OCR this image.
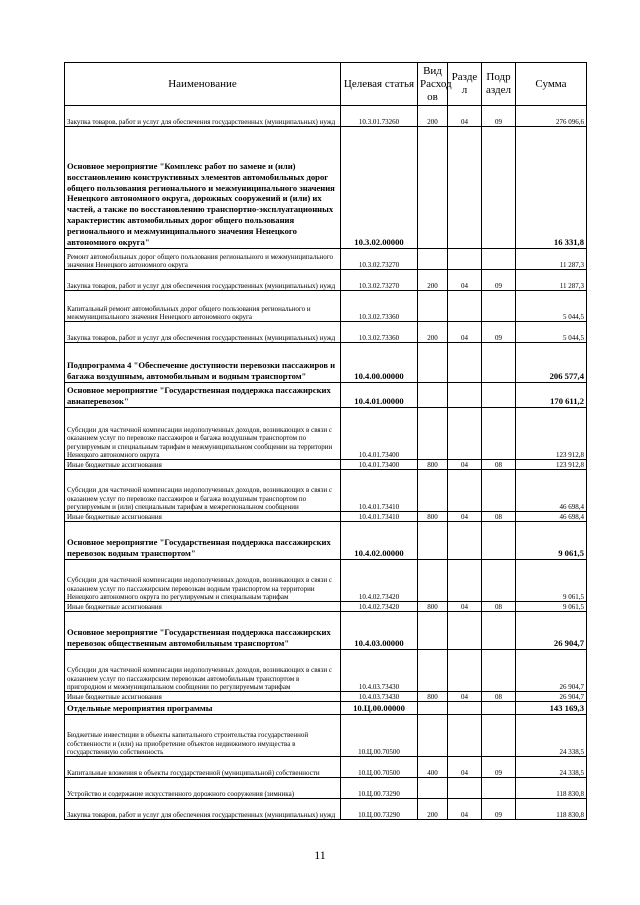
Наименование	Целевая статья	Вид Расход ов	Разде л	Подр аздел	Сумма
Закупка товаров, работ и услуг для обеспечения государственных (муниципальных) нужд	10.3.01.73260	200	04	09	276 096,6
Основное мероприятие "Комплекс работ по замене и (или) восстановлению конструктивных элементов автомобильных дорог общего пользования регионального и межмуниципального значения Ненецкого автономного округа, дорожных сооружений и (или) их частей, а также по восстановлению транспортно-эксплуатационных характеристик автомобильных дорог общего пользования регионального и межмуниципального значения Ненецкого автономного округа"	10.3.02.00000				16 331,8
Ремонт автомобильных дорог общего пользования регионального и межмуниципального значения Ненецкого автономного округа	10.3.02.73270				11 287,3
Закупка товаров, работ и услуг для обеспечения государственных (муниципальных) нужд	10.3.02.73270	200	04	09	11 287,3
Капитальный ремонт автомобильных дорог общего пользования регионального и межмуниципального значения Ненецкого автономного округа	10.3.02.73360				5 044,5
Закупка товаров, работ и услуг для обеспечения государственных (муниципальных) нужд	10.3.02.73360	200	04	09	5 044,5
Подпрограмма 4 "Обеспечение доступности перевозки пассажиров и багажа воздушным, автомобильным и водным транспортом"	10.4.00.00000				206 577,4
Основное мероприятие "Государственная поддержка пассажирских авиаперевозок"	10.4.01.00000				170 611,2
Субсидии для частичной компенсации недополученных доходов, возникающих в связи с оказанием услуг по перевозке пассажиров и багажа воздушным транспортом по регулируемым и специальным тарифам в межмуниципальном сообщении на территории Ненецкого автономного округа	10.4.01.73400				123 912,8
Иные бюджетные ассигнования	10.4.01.73400	800	04	08	123 912,8
Субсидии для частичной компенсации недополученных доходов, возникающих в связи с оказанием услуг по перевозке пассажиров и багажа воздушным транспортом по регулируемым и (или) специальным тарифам в межрегиональном сообщении	10.4.01.73410				46 698,4
Иные бюджетные ассигнования	10.4.01.73410	800	04	08	46 698,4
Основное мероприятие "Государственная поддержка пассажирских перевозок водным транспортом"	10.4.02.00000				9 061,5
Субсидии для частичной компенсации недополученных доходов, возникающих в связи с оказанием услуг по пассажирским перевозкам водным транспортом на территории Ненецкого автономного округа по регулируемым и специальным тарифам	10.4.02.73420				9 061,5
Иные бюджетные ассигнования	10.4.02.73420	800	04	08	9 061,5
Основное мероприятие "Государственная поддержка пассажирских перевозок общественным автомобильным транспортом"	10.4.03.00000				26 904,7
Субсидии для частичной компенсации недополученных доходов, возникающих в связи с оказанием услуг по пассажирским перевозкам автомобильным транспортом в пригородном и межмуниципальном сообщении по регулируемым тарифам	10.4.03.73430				26 904,7
Иные бюджетные ассигнования	10.4.03.73430	800	04	08	26 904,7
Отдельные мероприятия программы	10.Ц.00.00000				143 169,3
Бюджетные инвестиции в объекты капитального строительства государственной собственности и (или) на приобретение объектов недвижимого имущества в государственную собственность	10.Ц.00.70500				24 338,5
Капитальные вложения в объекты государственной (муниципальной) собственности	10.Ц.00.70500	400	04	09	24 338,5
Устройство и содержание искусственного дорожного сооружения (зимника)	10.Ц.00.73290				118 830,8
Закупка товаров, работ и услуг для обеспечения государственных (муниципальных) нужд	10.Ц.00.73290	200	04	09	118 830,8
11
